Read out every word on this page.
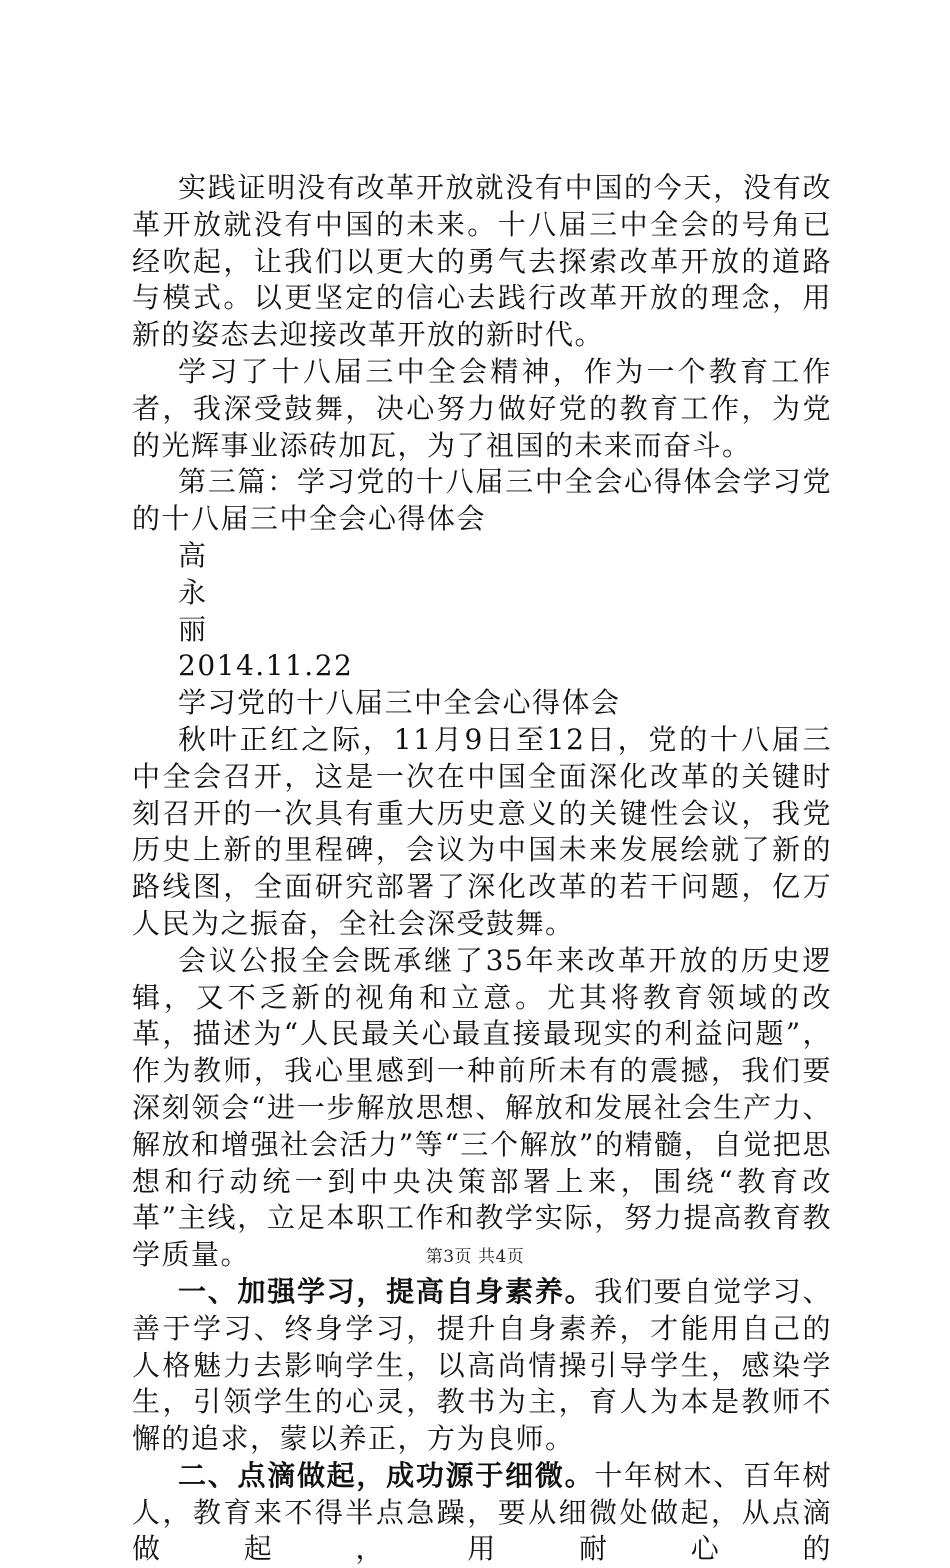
实践证明没有改革开放就没有中国的今天，没有改革开放就没有中国的未来。十八届三中全会的号角已经吹起，让我们以更大的勇气去探索改革开放的道路与模式。以更坚定的信心去践行改革开放的理念，用新的姿态去迎接改革开放的新时代。

学习了十八届三中全会精神，作为一个教育工作者，我深受鼓舞，决心努力做好党的教育工作，为党的光辉事业添砖加瓦，为了祖国的未来而奋斗。

第三篇：学习党的十八届三中全会心得体会学习党的十八届三中全会心得体会

高

永

丽

2014.11.22

学习党的十八届三中全会心得体会

秋叶正红之际，11月9日至12日，党的十八届三中全会召开，这是一次在中国全面深化改革的关键时刻召开的一次具有重大历史意义的关键性会议，我党历史上新的里程碑，会议为中国未来发展绘就了新的路线图，全面研究部署了深化改革的若干问题，亿万人民为之振奋，全社会深受鼓舞。

会议公报全会既承继了35年来改革开放的历史逻辑，又不乏新的视角和立意。尤其将教育领域的改革，描述为“人民最关心最直接最现实的利益问题”，作为教师，我心里感到一种前所未有的震撼，我们要深刻领会“进一步解放思想、解放和发展社会生产力、解放和增强社会活力”等“三个解放”的精髓，自觉把思想和行动统一到中央决策部署上来，围绕“教育改革”主线，立足本职工作和教学实际，努力提高教育教学质量。

一、加强学习，提高自身素养。我们要自觉学习、善于学习、终身学习，提升自身素养，才能用自己的人格魅力去影响学生，以高尚情操引导学生，感染学生，引领学生的心灵，教书为主，育人为本是教师不懈的追求，蒙以养正，方为良师。

二、点滴做起，成功源于细微。十年树木、百年树人，教育来不得半点急躁，要从细微处做起，从点滴做起，用耐心的

第3页 共4页
